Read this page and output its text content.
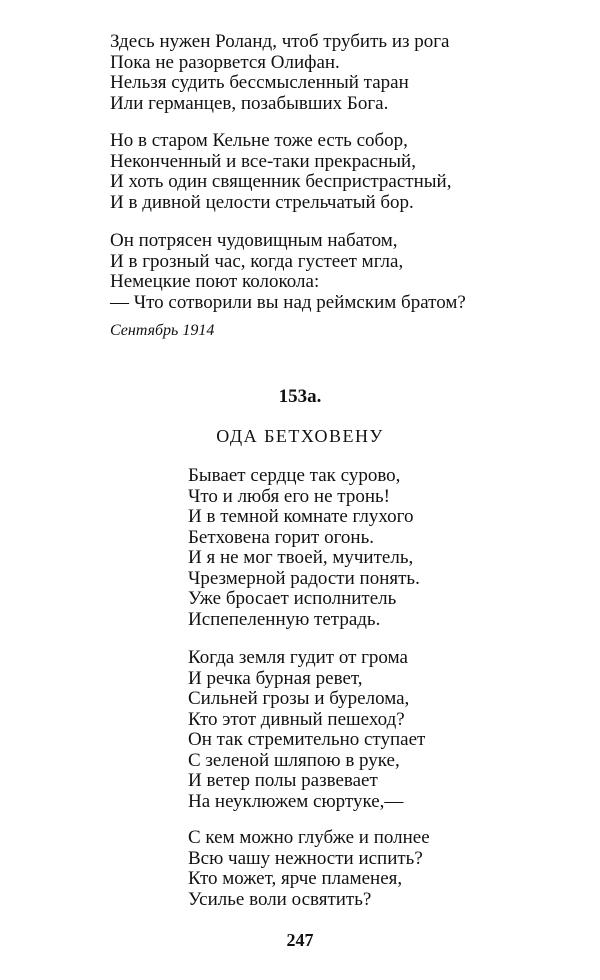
Здесь нужен Роланд, чтоб трубить из рога
Пока не разорвется Олифан.
Нельзя судить бессмысленный таран
Или германцев, позабывших Бога.
Но в старом Кельне тоже есть собор,
Неконченный и все-таки прекрасный,
И хоть один священник беспристрастный,
И в дивной целости стрельчатый бор.
Он потрясен чудовищным набатом,
И в грозный час, когда густеет мгла,
Немецкие поют колокола:
— Что сотворили вы над реймским братом?
Сентябрь 1914
153а.
ОДА БЕТХОВЕНУ
Бывает сердце так сурово,
Что и любя его не тронь!
И в темной комнате глухого
Бетховена горит огонь.
И я не мог твоей, мучитель,
Чрезмерной радости понять.
Уже бросает исполнитель
Испепеленную тетрадь.
Когда земля гудит от грома
И речка бурная ревет,
Сильней грозы и бурелома,
Кто этот дивный пешеход?
Он так стремительно ступает
С зеленой шляпою в руке,
И ветер полы развевает
На неуклюжем сюртуке,—
С кем можно глубже и полнее
Всю чашу нежности испить?
Кто может, ярче пламенея,
Усилье воли освятить?
247
